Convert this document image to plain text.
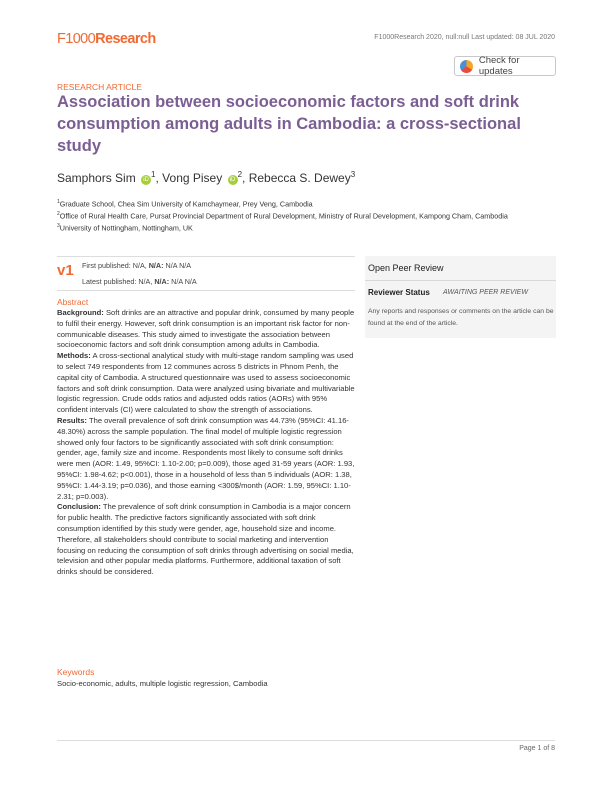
F1000Research	F1000Research 2020, null:null Last updated: 08 JUL 2020
Check for updates
RESEARCH ARTICLE
Association between socioeconomic factors and soft drink consumption among adults in Cambodia: a cross-sectional study
Samphors Sim $iD^1$, Vong Pisey $iD^2$, Rebecca S. Dewey$^3$
$^1$Graduate School, Chea Sim University of Kamchaymear, Prey Veng, Cambodia
$^2$Office of Rural Health Care, Pursat Provincial Department of Rural Development, Ministry of Rural Development, Kampong Cham, Cambodia
$^3$University of Nottingham, Nottingham, UK
v1 First published: N/A, N/A: N/A N/A
Latest published: N/A, N/A: N/A N/A
Open Peer Review
Reviewer Status AWAITING PEER REVIEW
Any reports and responses or comments on the article can be found at the end of the article.
Abstract

Background: Soft drinks are an attractive and popular drink, consumed by many people to fulfil their energy. However, soft drink consumption is an important risk factor for non-communicable diseases. This study aimed to investigate the association between socioeconomic factors and soft drink consumption among adults in Cambodia.

Methods: A cross-sectional analytical study with multi-stage random sampling was used to select 749 respondents from 12 communes across 5 districts in Phnom Penh, the capital city of Cambodia. A structured questionnaire was used to assess socioeconomic factors and soft drink consumption. Data were analyzed using bivariate and multivariable logistic regression. Crude odds ratios and adjusted odds ratios (AORs) with 95% confident intervals (CI) were calculated to show the strength of associations.

Results: The overall prevalence of soft drink consumption was 44.73% (95%CI: 41.16-48.30%) across the sample population. The final model of multiple logistic regression showed only four factors to be significantly associated with soft drink consumption: gender, age, family size and income. Respondents most likely to consume soft drinks were men (AOR: 1.49, 95%CI: 1.10-2.00; p=0.009), those aged 31-59 years (AOR: 1.93, 95%CI: 1.98-4.62; p<0.001), those in a household of less than 5 individuals (AOR: 1.38, 95%CI: 1.44-3.19; p=0.036), and those earning <300$/month (AOR: 1.59, 95%CI: 1.10-2.31; p=0.003).

Conclusion: The prevalence of soft drink consumption in Cambodia is a major concern for public health. The predictive factors significantly associated with soft drink consumption identified by this study were gender, age, household size and income. Therefore, all stakeholders should contribute to social marketing and intervention focusing on reducing the consumption of soft drinks through advertising on social media, television and other popular media platforms. Furthermore, additional taxation of soft drinks should be considered.

Keywords
Socio-economic, adults, multiple logistic regression, Cambodia
Page 1 of 8
